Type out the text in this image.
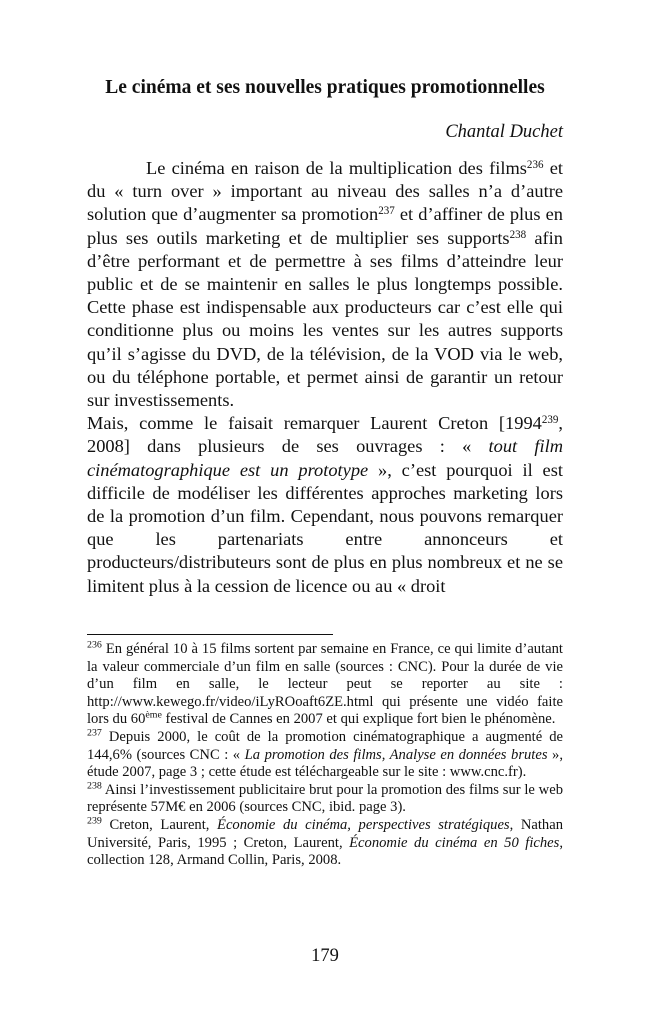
Le cinéma et ses nouvelles pratiques promotionnelles
Chantal Duchet

Le cinéma en raison de la multiplication des films$^{236}$ et du « turn over » important au niveau des salles n’a d’autre solution que d’augmenter sa promotion$^{237}$ et d’affiner de plus en plus ses outils marketing et de multiplier ses supports$^{238}$ afin d’être performant et de permettre à ses films d’atteindre leur public et de se maintenir en salles le plus longtemps possible. Cette phase est indispensable aux producteurs car c’est elle qui conditionne plus ou moins les ventes sur les autres supports qu’il s’agisse du DVD, de la télévision, de la VOD via le web, ou du téléphone portable, et permet ainsi de garantir un retour sur investissements.

Mais, comme le faisait remarquer Laurent Creton [1994$^{239}$, 2008] dans plusieurs de ses ouvrages : « tout film cinématographique est un prototype », c’est pourquoi il est difficile de modéliser les différentes approches marketing lors de la promotion d’un film. Cependant, nous pouvons remarquer que les partenariats entre annonceurs et producteurs/distributeurs sont de plus en plus nombreux et ne se limitent plus à la cession de licence ou au « droit

$^{236}$ En général 10 à 15 films sortent par semaine en France, ce qui limite d’autant la valeur commerciale d’un film en salle (sources : CNC). Pour la durée de vie d’un film en salle, le lecteur peut se reporter au site : http://www.kewego.fr/video/iLyROoaft6ZE.html qui présente une vidéo faite lors du 60ème festival de Cannes en 2007 et qui explique fort bien le phénomène.

$^{237}$ Depuis 2000, le coût de la promotion cinématographique a augmenté de 144,6% (sources CNC : « La promotion des films, Analyse en données brutes », étude 2007, page 3 ; cette étude est téléchargeable sur le site : www.cnc.fr).

$^{238}$ Ainsi l’investissement publicitaire brut pour la promotion des films sur le web représente 57M€ en 2006 (sources CNC, ibid. page 3).

$^{239}$ Creton, Laurent, Économie du cinéma, perspectives stratégiques, Nathan Université, Paris, 1995 ; Creton, Laurent, Économie du cinéma en 50 fiches, collection 128, Armand Collin, Paris, 2008.

179
